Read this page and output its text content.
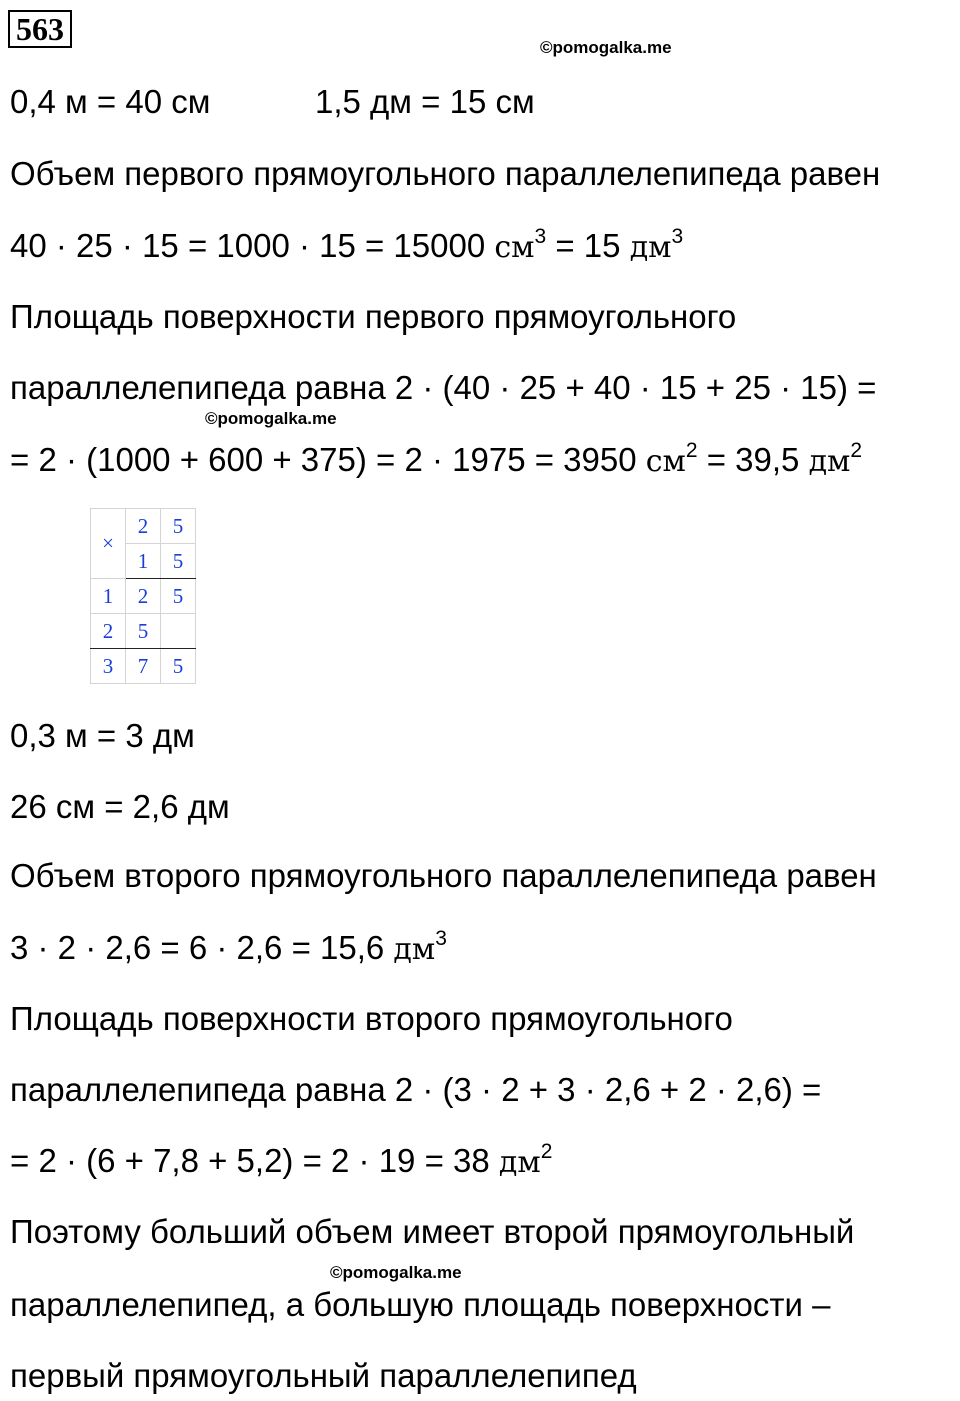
563
©pomogalka.me
0,4 м = 40 см	1,5 дм = 15 см
Объем первого прямоугольного параллелепипеда равен
40 · 25 · 15 = 1000 · 15 = 15000 $см^3 = 15$ $дм^3$
Площадь поверхности первого прямоугольного
параллелепипеда равна 2 · (40 · 25 + 40 · 15 + 25 · 15) =
©pomogalka.me
= 2 · (1000 + 600 + 375) = 2 · 1975 = 3950 $см^2 = 39,5$ $дм^2$
×	2	5
	1	5
1	2	5
2	5	
3	7	5
0,3 м = 3 дм
26 см = 2,6 дм
Объем второго прямоугольного параллелепипеда равен
3 · 2 · 2,6 = 6 · 2,6 = 15,6 $дм^3$
Площадь поверхности второго прямоугольного
параллелепипеда равна 2 · (3 · 2 + 3 · 2,6 + 2 · 2,6) =
= 2 · (6 + 7,8 + 5,2) = 2 · 19 = 38 $дм^2$
Поэтому больший объем имеет второй прямоугольный
©pomogalka.me
параллелепипед, а большую площадь поверхности –
первый прямоугольный параллелепипед
